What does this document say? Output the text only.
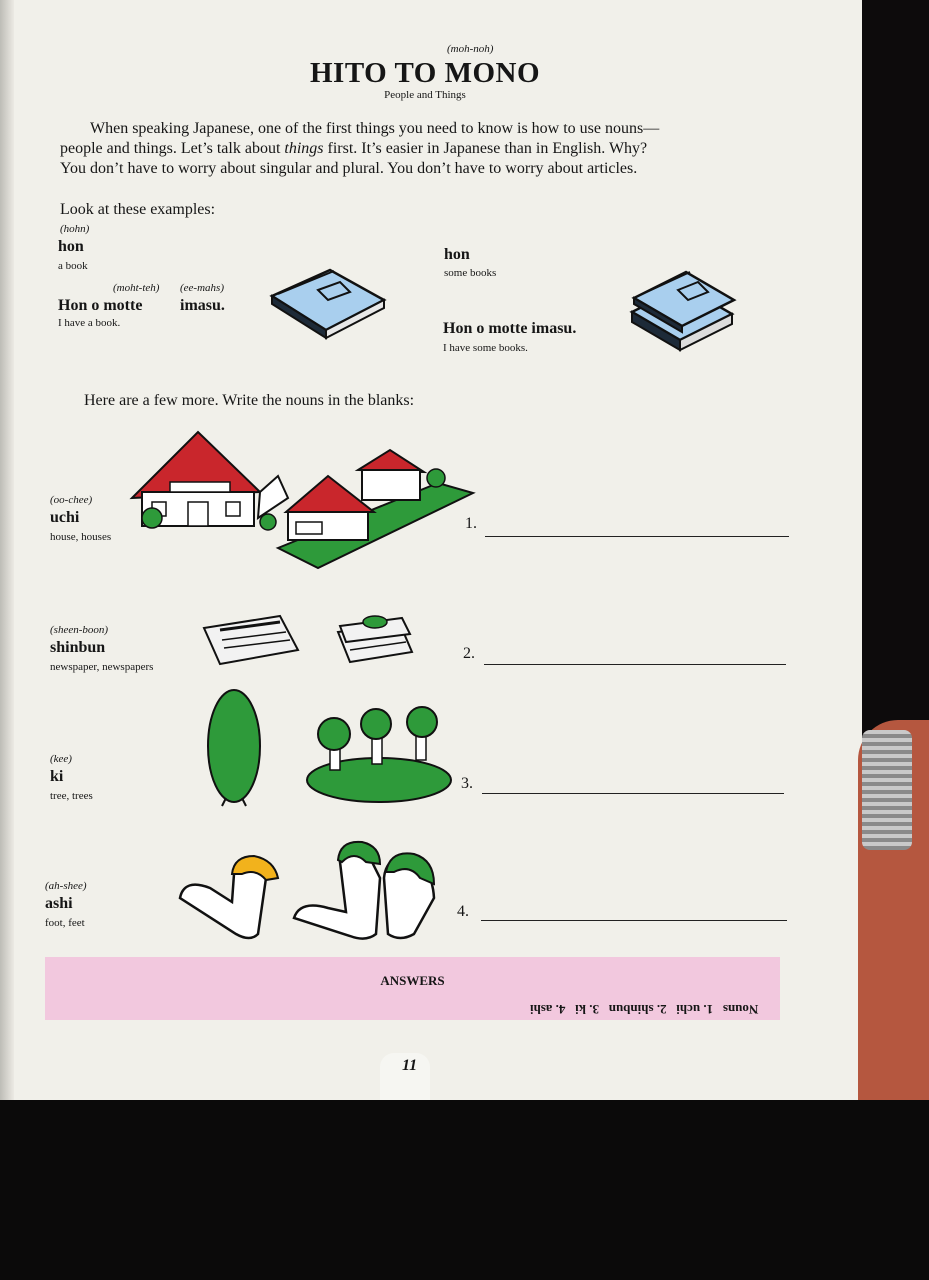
(moh-noh)
HITO TO MONO
People and Things

When speaking Japanese, one of the first things you need to know is how to use nouns—

people and things. Let’s talk about things first. It’s easier in Japanese than in English. Why?
You don’t have to worry about singular and plural. You don’t have to worry about articles.
Look at these examples:
(hohn)
hon
a book
(moht-teh) (ee-mahs)
Hon o motte imasu.
I have a book.
hon
some books
Hon o motte imasu.
I have some books.
Here are a few more. Write the nouns in the blanks:
(oo-chee)
uchi
house, houses
1.
(sheen-boon)
shinbun
newspaper, newspapers
2.
(kee)
ki
tree, trees
3.
(ah-shee)
ashi
foot, feet
4.
ANSWERS
Nouns   1. uchi   2. shinbun   3. ki   4. ashi
11
